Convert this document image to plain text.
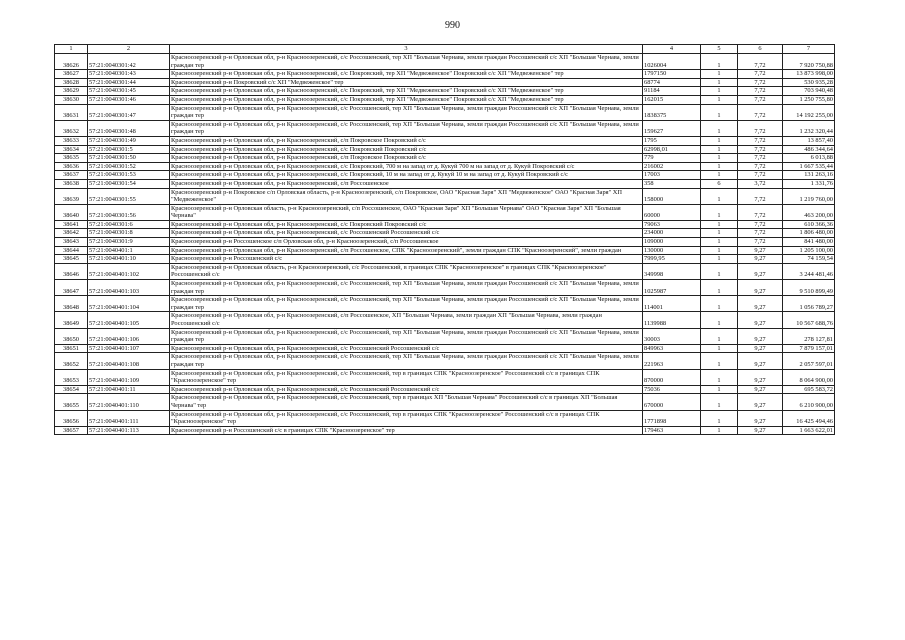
990
1	2	3	4	5	6	7
38626	57:21:0040301:42	Красноозеренский р-н Орловская обл, р-н Красноозеренский, с/с Россошенский, тер ХП "Большая Чернава, земли граждан Россошенский с/с ХП "Большая Чернава, земли граждан тер	1026004	1	7,72	7 920 750,88
38627	57:21:0040301:43	Красноозеренский р-н Орловская обл, р-н Красноозеренский, с/с Покровский, тер ХП "Медвеженское" Покровский с/с ХП "Медвеженское" тер	1797150	1	7,72	13 873 998,00
38628	57:21:0040301:44	Красноозеренский р-н Покровский с/с ХП "Медвеженское" тер	68774	1	7,72	530 935,28
38629	57:21:0040301:45	Красноозеренский р-н Орловская обл, р-н Красноозеренский, с/с Покровский, тер ХП "Медвеженское" Покровский с/с ХП "Медвеженское" тер	91184	1	7,72	703 940,48
38630	57:21:0040301:46	Красноозеренский р-н Орловская обл, р-н Красноозеренский, с/с Покровский, тер ХП "Медвеженское" Покровский с/с ХП "Медвеженское" тер	162015	1	7,72	1 250 755,80
38631	57:21:0040301:47	Красноозеренский р-н Орловская обл, р-н Красноозеренский, с/с Россошенский, тер ХП "Большая Чернава, земли граждан Россошенский с/с ХП "Большая Чернава, земли граждан тер	1838375	1	7,72	14 192 255,00
38632	57:21:0040301:48	Красноозеренский р-н Орловская обл, р-н Красноозеренский, с/с Россошенский, тер ХП "Большая Чернава, земли граждан Россошенский с/с ХП "Большая Чернава, земли граждан тер	159627	1	7,72	1 232 320,44
38633	57:21:0040301:49	Красноозеренский р-н Орловская обл, р-н Красноозеренский, с/п Покровское Покровский с/с	1795	1	7,72	13 857,40
38634	57:21:0040301:5	Красноозеренский р-н Орловская обл, р-н Красноозеренский, с/с Покровский Покровский с/с	62998,01	1	7,72	486 344,64
38635	57:21:0040301:50	Красноозеренский р-н Орловская обл, р-н Красноозеренский, с/п Покровское Покровский с/с	779	1	7,72	6 013,88
38636	57:21:0040301:52	Красноозеренский р-н Орловская обл, р-н Красноозеренский, с/с Покровский, 700 м на запад от д. Кукуй 700 м на запад от д. Кукуй Покровский с/с	216002	1	7,72	1 667 535,44
38637	57:21:0040301:53	Красноозеренский р-н Орловская обл, р-н Красноозеренский, с/с Покровский, 10 м на запад от д. Кукуй 10 м на запад от д. Кукуй Покровский с/с	17003	1	7,72	131 263,16
38638	57:21:0040301:54	Красноозеренский р-н Орловская обл, р-н Красноозеренский, с/п Россошенское	358	6	3,72	1 331,76
38639	57:21:0040301:55	Красноозеренский р-н Покровское с/п Орловская область, р-н Красноозеренский, с/п Покровское, ОАО "Красная Заря" ХП "Медвеженское" ОАО "Красная Заря" ХП "Медвеженское"	158000	1	7,72	1 219 760,00
38640	57:21:0040301:56	Красноозеренский р-н Орловская область, р-н Красноозеренский, с/п Россошенское, ОАО "Красная Заря" ХП "Большая Чернава" ОАО "Красная Заря" ХП "Большая Чернава"	60000	1	7,72	463 200,00
38641	57:21:0040301:6	Красноозеренский р-н Орловская обл, р-н Красноозеренский, с/с Покровский Покровский с/с	79063	1	7,72	610 366,36
38642	57:21:0040301:8	Красноозеренский р-н Орловская обл, р-н Красноозеренский, с/с Россошенский Россошенский с/с	234000	1	7,72	1 806 480,00
38643	57:21:0040301:9	Красноозеренский р-н Россошенское с/п Орловская обл, р-н Красноозеренский, с/п Россошенское	109000	1	7,72	841 480,00
38644	57:21:0040401:1	Красноозеренский р-н Орловская обл, р-н Красноозеренский, с/п Россошенское, СПК "Красноозеренский", земли граждан СПК "Красноозеренский", земли граждан	130000	1	9,27	1 205 100,00
38645	57:21:0040401:10	Красноозеренский р-н Россошенский с/с	7999,95	1	9,27	74 159,54
38646	57:21:0040401:102	Красноозеренский р-н Орловская область, р-н Красноозеренский, с/с Россошенский, в границах СПК "Красноозеренское" в границах СПК "Красноозеренское" Россошенский с/с	349998	1	9,27	3 244 481,46
38647	57:21:0040401:103	Красноозеренский р-н Орловская обл, р-н Красноозеренский, с/с Россошенский, тер ХП "Большая Чернава, земли граждан Россошенский с/с ХП "Большая Чернава, земли граждан тер	1025987	1	9,27	9 510 899,49
38648	57:21:0040401:104	Красноозеренский р-н Орловская обл, р-н Красноозеренский, с/с Россошенский, тер ХП "Большая Чернава, земли граждан Россошенский с/с ХП "Большая Чернава, земли граждан тер	114001	1	9,27	1 056 789,27
38649	57:21:0040401:105	Красноозеренский р-н Орловская обл, р-н Красноозеренский, с/п Россошенское, ХП "Большая Чернава, земли граждан ХП "Большая Чернава, земли граждан Россошенский с/с	1139988	1	9,27	10 567 688,76
38650	57:21:0040401:106	Красноозеренский р-н Орловская обл, р-н Красноозеренский, с/с Россошенский, тер ХП "Большая Чернава, земли граждан Россошенский с/с ХП "Большая Чернава, земли граждан тер	30003	1	9,27	278 127,81
38651	57:21:0040401:107	Красноозеренский р-н Орловская обл, р-н Красноозеренский, с/с Россошенский Россошенский с/с	849963	1	9,27	7 879 157,01
38652	57:21:0040401:108	Красноозеренский р-н Орловская обл, р-н Красноозеренский, с/с Россошенский, тер ХП "Большая Чернава, земли граждан Россошенский с/с ХП "Большая Чернава, земли граждан тер	221963	1	9,27	2 057 597,01
38653	57:21:0040401:109	Красноозеренский р-н Орловская обл, р-н Красноозеренский, с/с Россошенский, тер в границах СПК "Красноозеренское" Россошенский с/с в границах СПК "Красноозеренское" тер	870000	1	9,27	8 064 900,00
38654	57:21:0040401:11	Красноозеренский р-н Орловская обл, р-н Красноозеренский, с/с Россошенский Россошенский с/с	75036	1	9,27	695 583,72
38655	57:21:0040401:110	Красноозеренский р-н Орловская обл, р-н Красноозеренский, с/с Россошенский, тер в границах ХП "Большая Чернава" Россошенский с/с в границах ХП "Большая Чернава" тер	670000	1	9,27	6 210 900,00
38656	57:21:0040401:111	Красноозеренский р-н Орловская обл, р-н Красноозеренский, с/с Россошенский, тер в границах СПК "Красноозеренское" Россошенский с/с в границах СПК "Красноозеренское" тер	1771898	1	9,27	16 425 494,46
38657	57:21:0040401:113	Красноозеренский р-н Россошенский с/с в границах СПК "Красноозеренское" тер	179463	1	9,27	1 663 622,01
